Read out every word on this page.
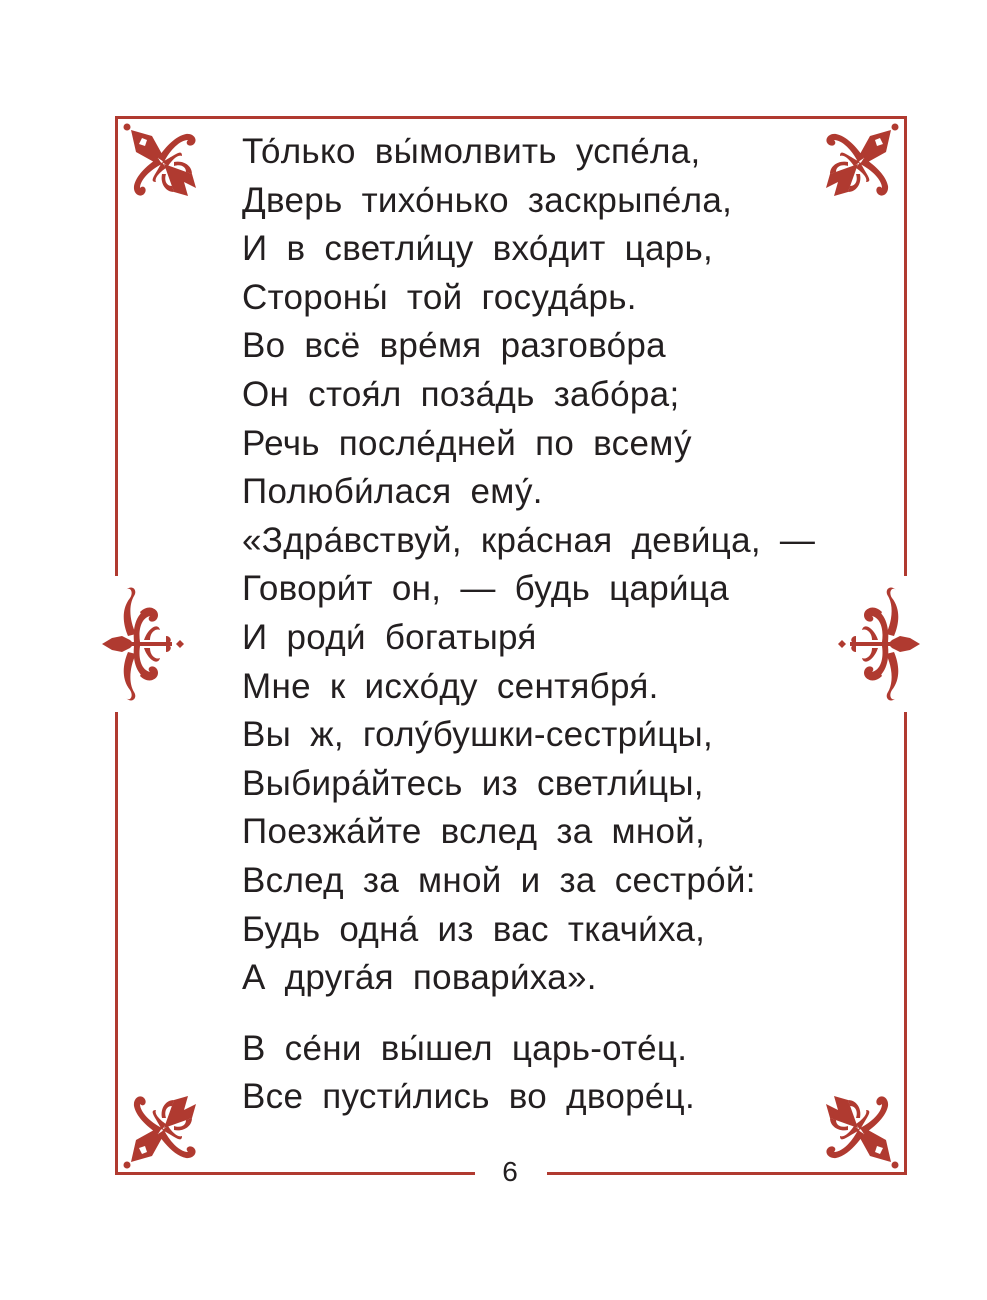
То́лько вы́молвить успе́ла,
Дверь тихо́нько заскрыпе́ла,
И в светли́цу вхо́дит царь,
Стороны́ той госуда́рь.
Во всё вре́мя разгово́ра
Он стоя́л поза́дь забо́ра;
Речь после́дней по всему́
Полюби́лася ему́.
«Здра́вствуй, кра́сная деви́ца, —
Говори́т он, — будь цари́ца
И роди́ богатыря́
Мне к исхо́ду сентября́.
Вы ж, голу́бушки-сестри́цы,
Выбира́йтесь из светли́цы,
Поезжа́йте вслед за мной,
Вслед за мной и за сестро́й:
Будь одна́ из вас ткачи́ха,
А друга́я повари́ха».
В се́ни вы́шел царь-оте́ц.
Все пусти́лись во дворе́ц.
6
